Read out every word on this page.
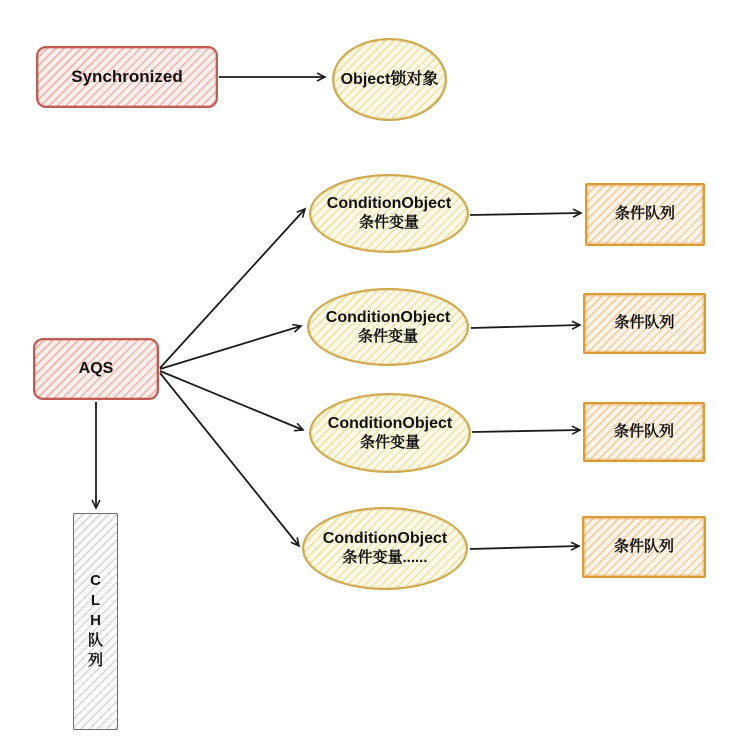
Synchronized	Object锁对象
AQS
C
L
H
队
列
ConditionObject
条件变量
条件队列
ConditionObject
条件变量
条件队列
ConditionObject
条件变量
条件队列
ConditionObject
条件变量......
条件队列
